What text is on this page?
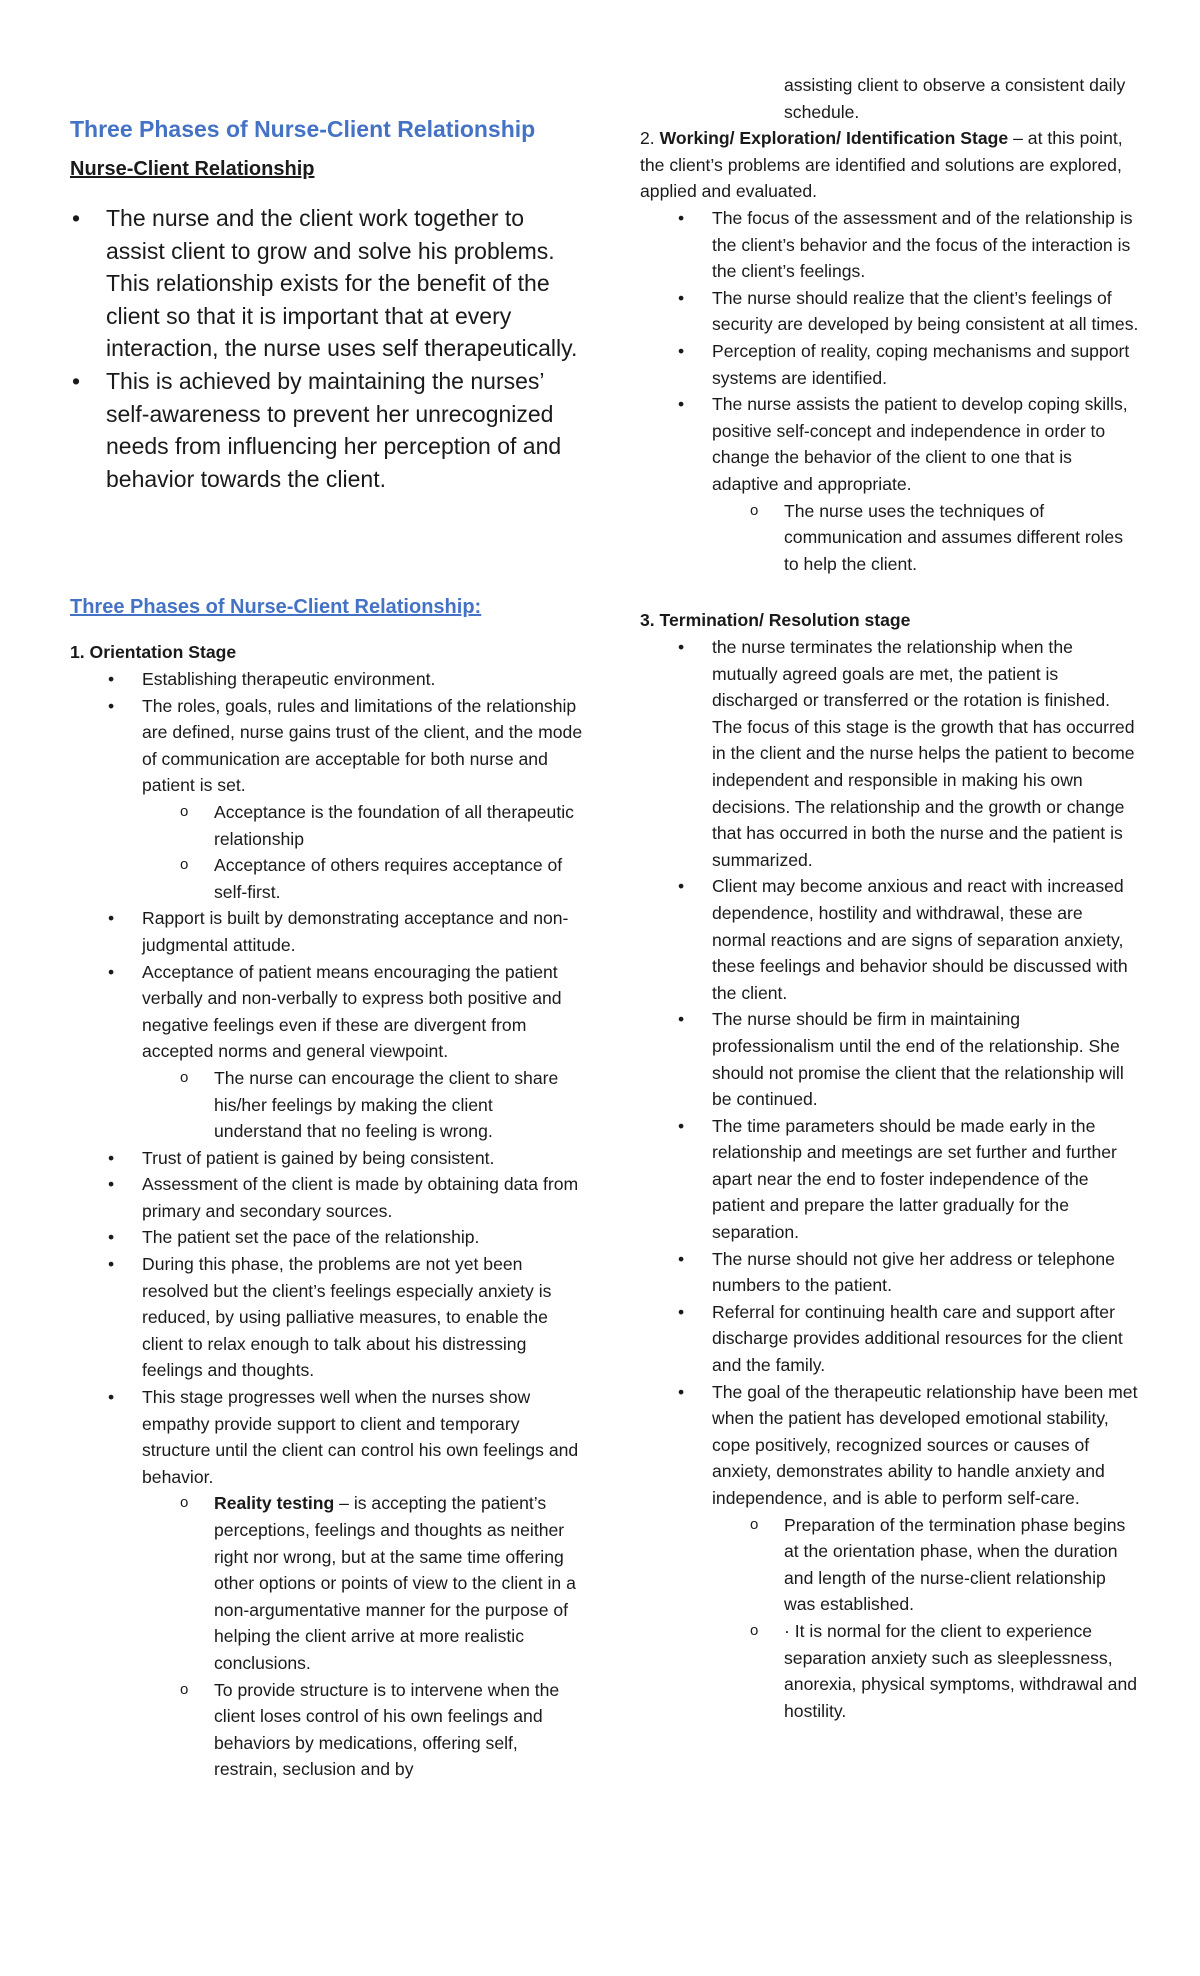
Three Phases of Nurse-Client Relationship
Nurse-Client Relationship
• The nurse and the client work together to assist client to grow and solve his problems. This relationship exists for the benefit of the client so that it is important that at every interaction, the nurse uses self therapeutically.
• This is achieved by maintaining the nurses’ self-awareness to prevent her unrecognized needs from influencing her perception of and behavior towards the client.
Three Phases of Nurse-Client Relationship:
1. Orientation Stage
• Establishing therapeutic environment.
• The roles, goals, rules and limitations of the relationship are defined, nurse gains trust of the client, and the mode of communication are acceptable for both nurse and patient is set.
o Acceptance is the foundation of all therapeutic relationship
o Acceptance of others requires acceptance of self-first.
• Rapport is built by demonstrating acceptance and non-judgmental attitude.
• Acceptance of patient means encouraging the patient verbally and non-verbally to express both positive and negative feelings even if these are divergent from accepted norms and general viewpoint.
o The nurse can encourage the client to share his/her feelings by making the client understand that no feeling is wrong.
• Trust of patient is gained by being consistent.
• Assessment of the client is made by obtaining data from primary and secondary sources.
• The patient set the pace of the relationship.
• During this phase, the problems are not yet been resolved but the client’s feelings especially anxiety is reduced, by using palliative measures, to enable the client to relax enough to talk about his distressing feelings and thoughts.
• This stage progresses well when the nurses show empathy provide support to client and temporary structure until the client can control his own feelings and behavior.
o Reality testing – is accepting the patient’s perceptions, feelings and thoughts as neither right nor wrong, but at the same time offering other options or points of view to the client in a non-argumentative manner for the purpose of helping the client arrive at more realistic conclusions.
o To provide structure is to intervene when the client loses control of his own feelings and behaviors by medications, offering self, restrain, seclusion and by
assisting client to observe a consistent daily schedule.
2. Working/ Exploration/ Identification Stage – at this point, the client’s problems are identified and solutions are explored, applied and evaluated.
• The focus of the assessment and of the relationship is the client’s behavior and the focus of the interaction is the client’s feelings.
• The nurse should realize that the client’s feelings of security are developed by being consistent at all times.
• Perception of reality, coping mechanisms and support systems are identified.
• The nurse assists the patient to develop coping skills, positive self-concept and independence in order to change the behavior of the client to one that is adaptive and appropriate.
o The nurse uses the techniques of communication and assumes different roles to help the client.
3. Termination/ Resolution stage
• the nurse terminates the relationship when the mutually agreed goals are met, the patient is discharged or transferred or the rotation is finished. The focus of this stage is the growth that has occurred in the client and the nurse helps the patient to become independent and responsible in making his own decisions. The relationship and the growth or change that has occurred in both the nurse and the patient is summarized.
• Client may become anxious and react with increased dependence, hostility and withdrawal, these are normal reactions and are signs of separation anxiety, these feelings and behavior should be discussed with the client.
• The nurse should be firm in maintaining professionalism until the end of the relationship. She should not promise the client that the relationship will be continued.
• The time parameters should be made early in the relationship and meetings are set further and further apart near the end to foster independence of the patient and prepare the latter gradually for the separation.
• The nurse should not give her address or telephone numbers to the patient.
• Referral for continuing health care and support after discharge provides additional resources for the client and the family.
• The goal of the therapeutic relationship have been met when the patient has developed emotional stability, cope positively, recognized sources or causes of anxiety, demonstrates ability to handle anxiety and independence, and is able to perform self-care.
o Preparation of the termination phase begins at the orientation phase, when the duration and length of the nurse-client relationship was established.
o · It is normal for the client to experience separation anxiety such as sleeplessness, anorexia, physical symptoms, withdrawal and hostility.
